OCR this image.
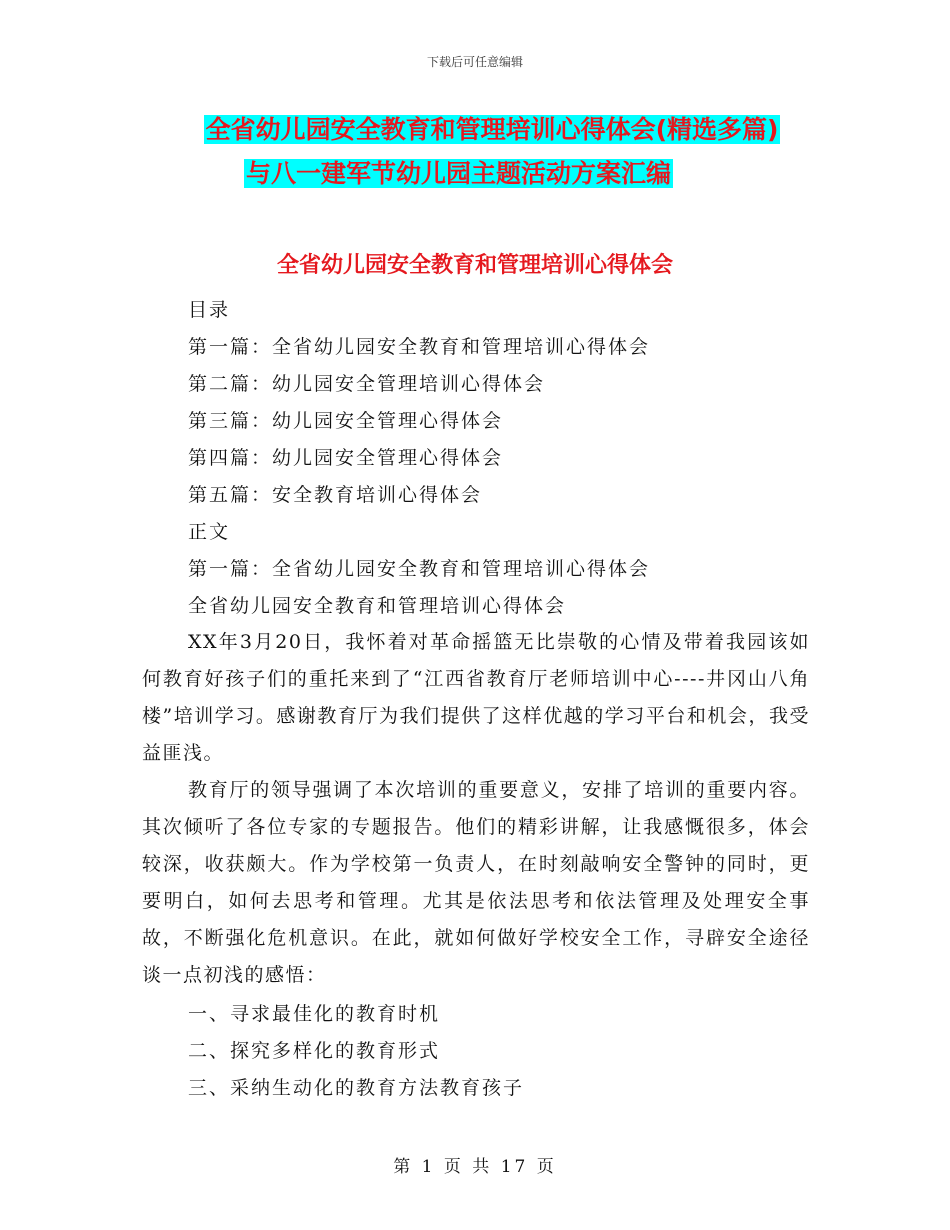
下载后可任意编辑
全省幼儿园安全教育和管理培训心得体会(精选多篇)
与八一建军节幼儿园主题活动方案汇编
全省幼儿园安全教育和管理培训心得体会
目录
第一篇：全省幼儿园安全教育和管理培训心得体会
第二篇：幼儿园安全管理培训心得体会
第三篇：幼儿园安全管理心得体会
第四篇：幼儿园安全管理心得体会
第五篇：安全教育培训心得体会
正文
第一篇：全省幼儿园安全教育和管理培训心得体会
全省幼儿园安全教育和管理培训心得体会

XX年3月20日，我怀着对革命摇篮无比崇敬的心情及带着我园该如何教育好孩子们的重托来到了“江西省教育厅老师培训中心----井冈山八角楼”培训学习。感谢教育厅为我们提供了这样优越的学习平台和机会，我受益匪浅。

教育厅的领导强调了本次培训的重要意义，安排了培训的重要内容。其次倾听了各位专家的专题报告。他们的精彩讲解，让我感慨很多，体会较深，收获颇大。作为学校第一负责人，在时刻敲响安全警钟的同时，更要明白，如何去思考和管理。尤其是依法思考和依法管理及处理安全事故，不断强化危机意识。在此，就如何做好学校安全工作，寻辟安全途径谈一点初浅的感悟：

一、寻求最佳化的教育时机
二、探究多样化的教育形式
三、采纳生动化的教育方法教育孩子
第 1 页 共 17 页
